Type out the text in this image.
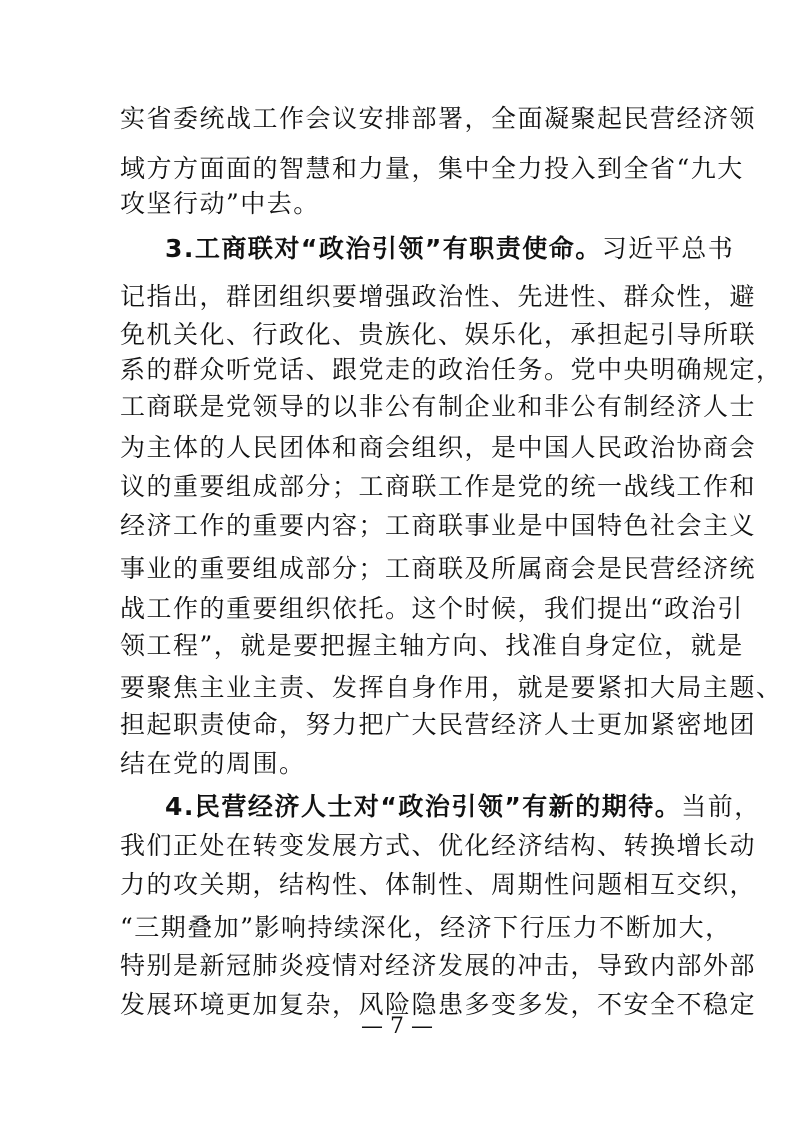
实省委统战工作会议安排部署，全面凝聚起民营经济领
域方方面面的智慧和力量，集中全力投入到全省“九大
攻坚行动”中去。
3.工商联对“政治引领”有职责使命。习近平总书
记指出，群团组织要增强政治性、先进性、群众性，避
免机关化、行政化、贵族化、娱乐化，承担起引导所联
系的群众听党话、跟党走的政治任务。党中央明确规定，
工商联是党领导的以非公有制企业和非公有制经济人士
为主体的人民团体和商会组织，是中国人民政治协商会
议的重要组成部分；工商联工作是党的统一战线工作和
经济工作的重要内容；工商联事业是中国特色社会主义
事业的重要组成部分；工商联及所属商会是民营经济统
战工作的重要组织依托。这个时候，我们提出“政治引
领工程”，就是要把握主轴方向、找准自身定位，就是
要聚焦主业主责、发挥自身作用，就是要紧扣大局主题、
担起职责使命，努力把广大民营经济人士更加紧密地团
结在党的周围。
4.民营经济人士对“政治引领”有新的期待。当前，
我们正处在转变发展方式、优化经济结构、转换增长动
力的攻关期，结构性、体制性、周期性问题相互交织，
“三期叠加”影响持续深化，经济下行压力不断加大，
特别是新冠肺炎疫情对经济发展的冲击，导致内部外部
发展环境更加复杂，风险隐患多变多发，不安全不稳定
— 7 —
